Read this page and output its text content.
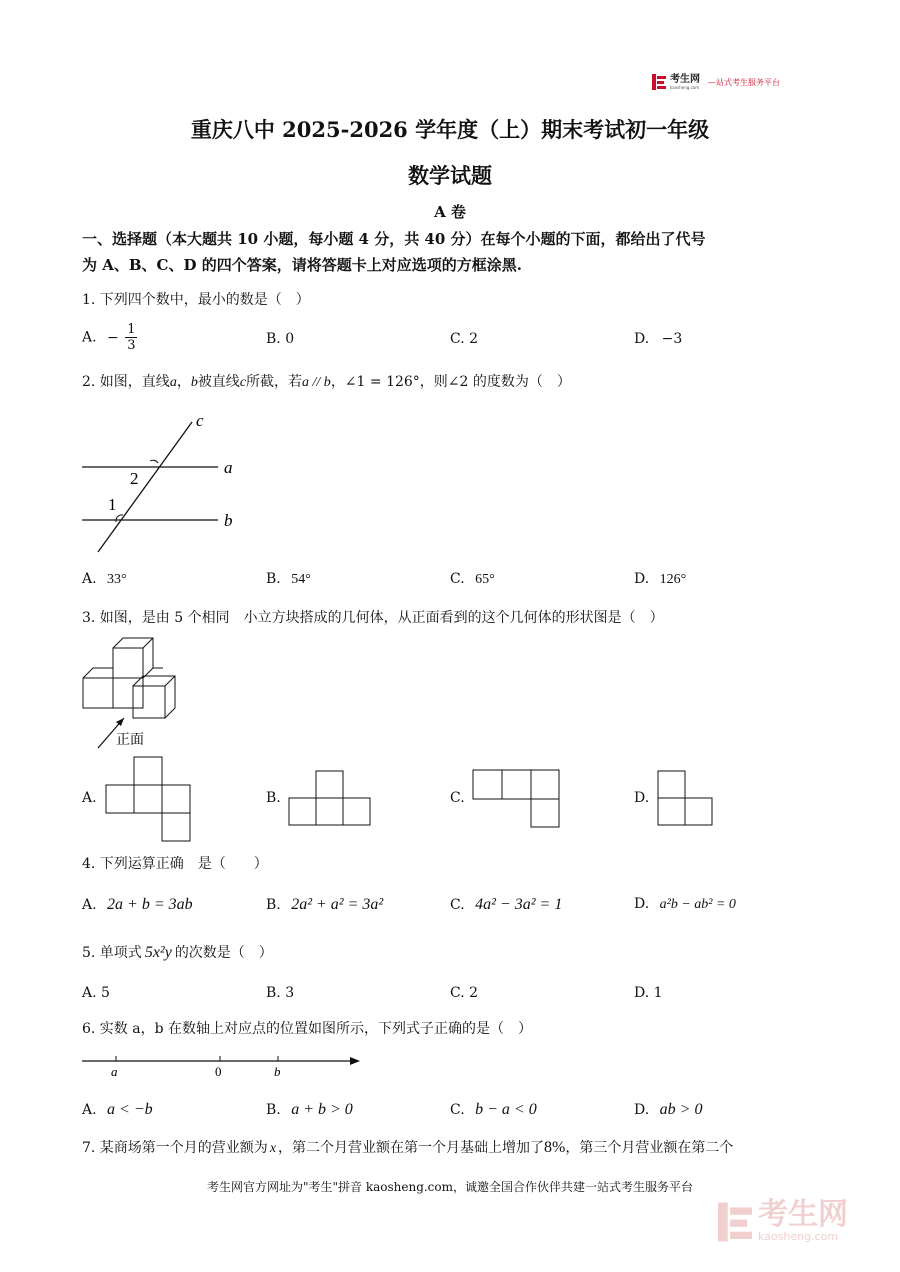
考生网
kaosheng.com
—站式考生服务平台
重庆八中 2025-2026 学年度（上）期末考试初一年级
数学试题
A 卷
一、选择题（本大题共 10 小题，每小题 4 分，共 40 分）在每个小题的下面，都给出了代号
为 A、B、C、D 的四个答案，请将答题卡上对应选项的方框涂黑.
1. 下列四个数中，最小的数是（　）
A. − $\frac{1}{3}$	B. 0	C. 2	D. −3
2. 如图，直线a，b被直线c所截，若a // b，∠1 = 126°，则∠2 的度数为（　）
c
a
b
2
1
A. 33°	B. 54°	C. 65°	D. 126°
3. 如图，是由 5 个相同　小立方块搭成的几何体，从正面看到的这个几何体的形状图是（　）
正面
A.	B.	C.	D.
4. 下列运算正确　是（　　）
A. 2a + b = 3ab	B. 2a² + a² = 3a²	C. 4a² − 3a² = 1	D. a²b − ab² = 0
5. 单项式 5x²y 的次数是（　）
A. 5	B. 3	C. 2	D. 1
6. 实数 a，b 在数轴上对应点的位置如图所示，下列式子正确的是（　）
a	0	b
A. a < −b	B. a + b > 0	C. b − a < 0	D. ab > 0
7. 某商场第一个月的营业额为 x ，第二个月营业额在第一个月基础上增加了8%，第三个月营业额在第二个
考生网官方网址为"考生"拼音 kaosheng.com，诚邀全国合作伙伴共建一站式考生服务平台
考生网
kaosheng.com
